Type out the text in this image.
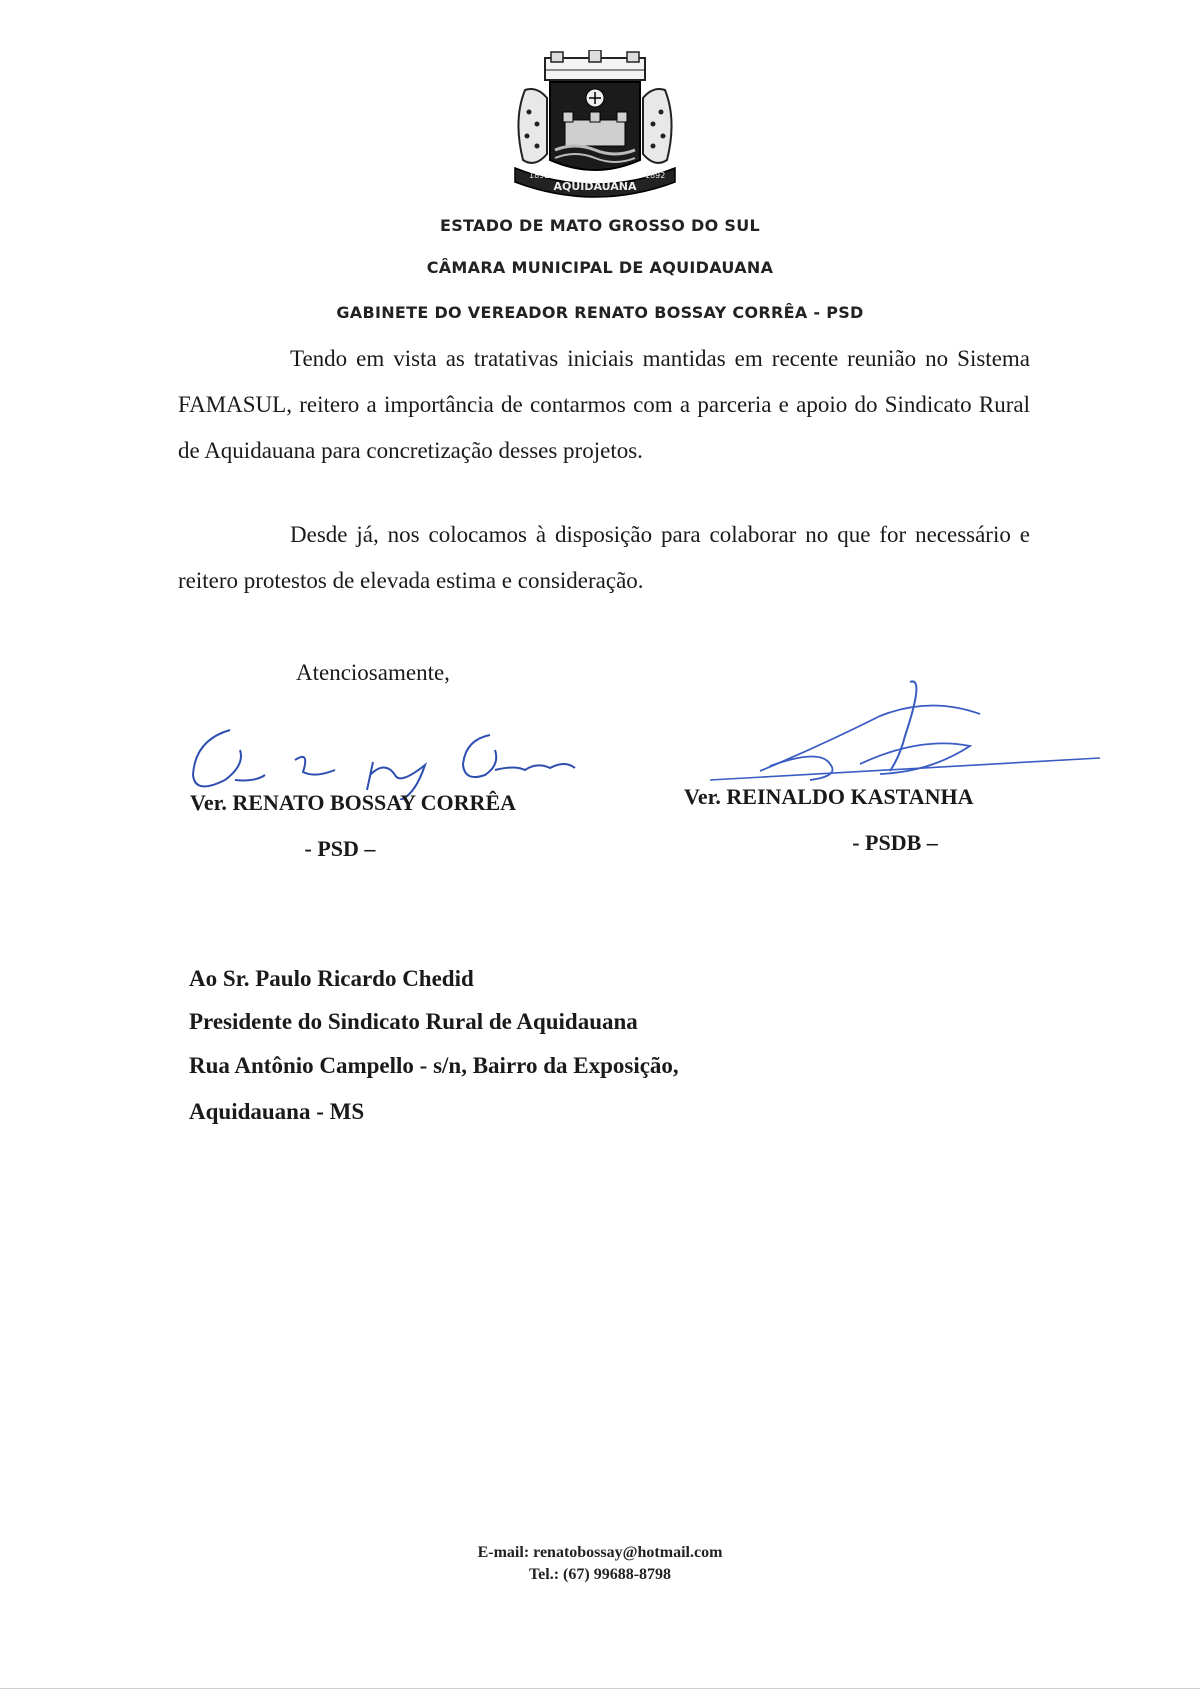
AQUIDAUANA
1892	1892
ESTADO DE MATO GROSSO DO SUL
CÂMARA MUNICIPAL DE AQUIDAUANA
GABINETE DO VEREADOR RENATO BOSSAY CORRÊA - PSD
Tendo em vista as tratativas iniciais mantidas em recente reunião no Sistema FAMASUL, reitero a importância de contarmos com a parceria e apoio do Sindicato Rural de Aquidauana para concretização desses projetos.
Desde já, nos colocamos à disposição para colaborar no que for necessário e reitero protestos de elevada estima e consideração.
Atenciosamente,
Ver. RENATO BOSSAY CORRÊA
- PSD –
Ver. REINALDO KASTANHA
- PSDB –
Ao Sr. Paulo Ricardo Chedid
Presidente do Sindicato Rural de Aquidauana
Rua Antônio Campello - s/n, Bairro da Exposição,
Aquidauana - MS
E-mail: renatobossay@hotmail.com
Tel.: (67) 99688-8798
